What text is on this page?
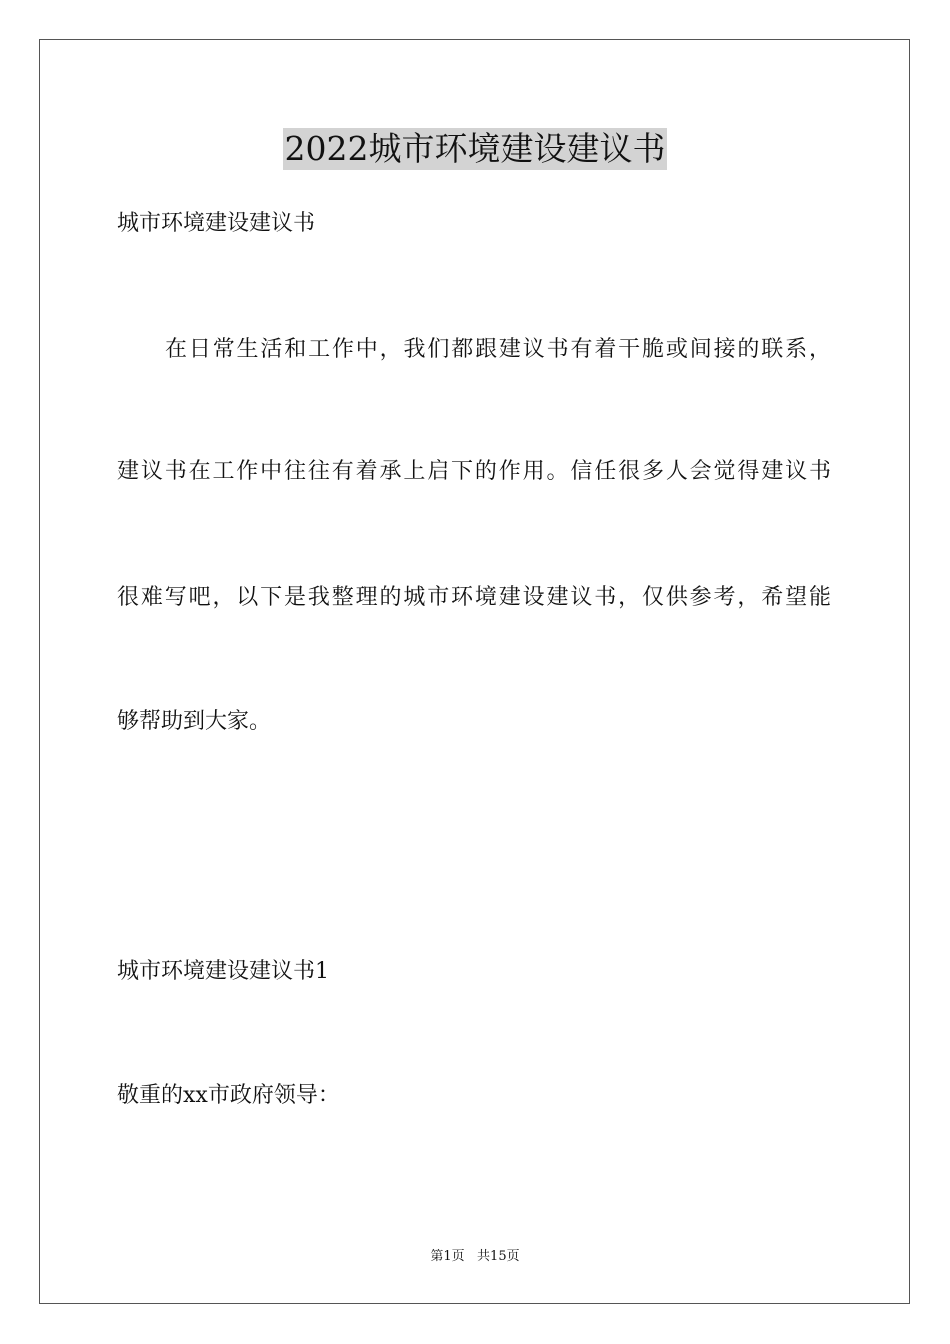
2022城市环境建设建议书
城市环境建设建议书
在日常生活和工作中，我们都跟建议书有着干脆或间接的联系，
建议书在工作中往往有着承上启下的作用。信任很多人会觉得建议书
很难写吧，以下是我整理的城市环境建设建议书，仅供参考，希望能
够帮助到大家。
城市环境建设建议书1
敬重的xx市政府领导：
第1页   共15页
